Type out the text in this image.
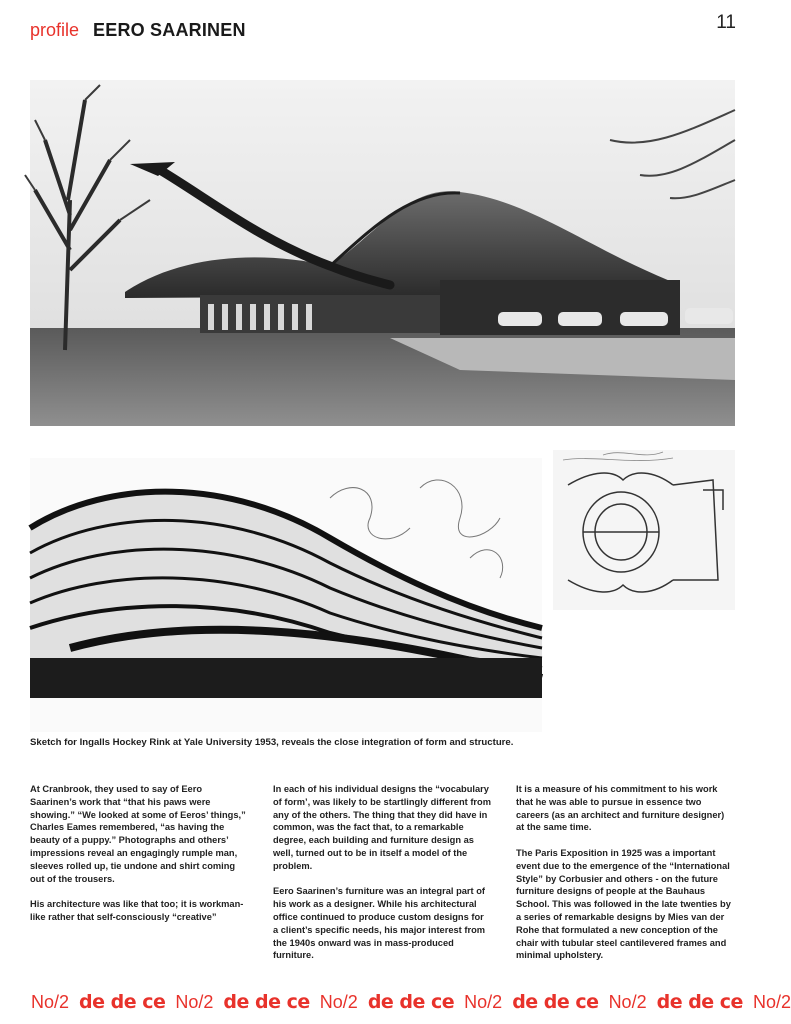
profile EERO SAARINEN	11
Sketch for Ingalls Hockey Rink at Yale University 1953, reveals the close integration of form and structure.

At Cranbrook, they used to say of Eero Saarinen’s work that “that his paws were showing.” “We looked at some of Eeros’ things,” Charles Eames remembered, “as having the beauty of a puppy.” Photographs and others’ impressions reveal an engagingly rumple man, sleeves rolled up, tie undone and shirt coming out of the trousers.

His architecture was like that too; it is workman-like rather that self-consciously “creative”

In each of his individual designs the “vocabulary of form’, was likely to be startlingly different from any of the others. The thing that they did have in common, was the fact that, to a remarkable degree, each building and furniture design as well, turned out to be in itself a model of the problem.

Eero Saarinen’s furniture was an integral part of his work as a designer. While his architectural office continued to produce custom designs for a client’s specific needs, his major interest from the 1940s onward was in mass-produced furniture.

It is a measure of his commitment to his work that he was able to pursue in essence two careers (as an architect and furniture designer) at the same time.

The Paris Exposition in 1925 was a important event due to the emergence of the “International Style” by Corbusier and others - on the future furniture designs of people at the Bauhaus School. This was followed in the late twenties by a series of remarkable designs by Mies van der Rohe that formulated a new conception of the chair with tubular steel cantilevered frames and minimal upholstery.

No/2 de de ce No/2 de de ce No/2 de de ce No/2 de de ce No/2 de de ce No/2
